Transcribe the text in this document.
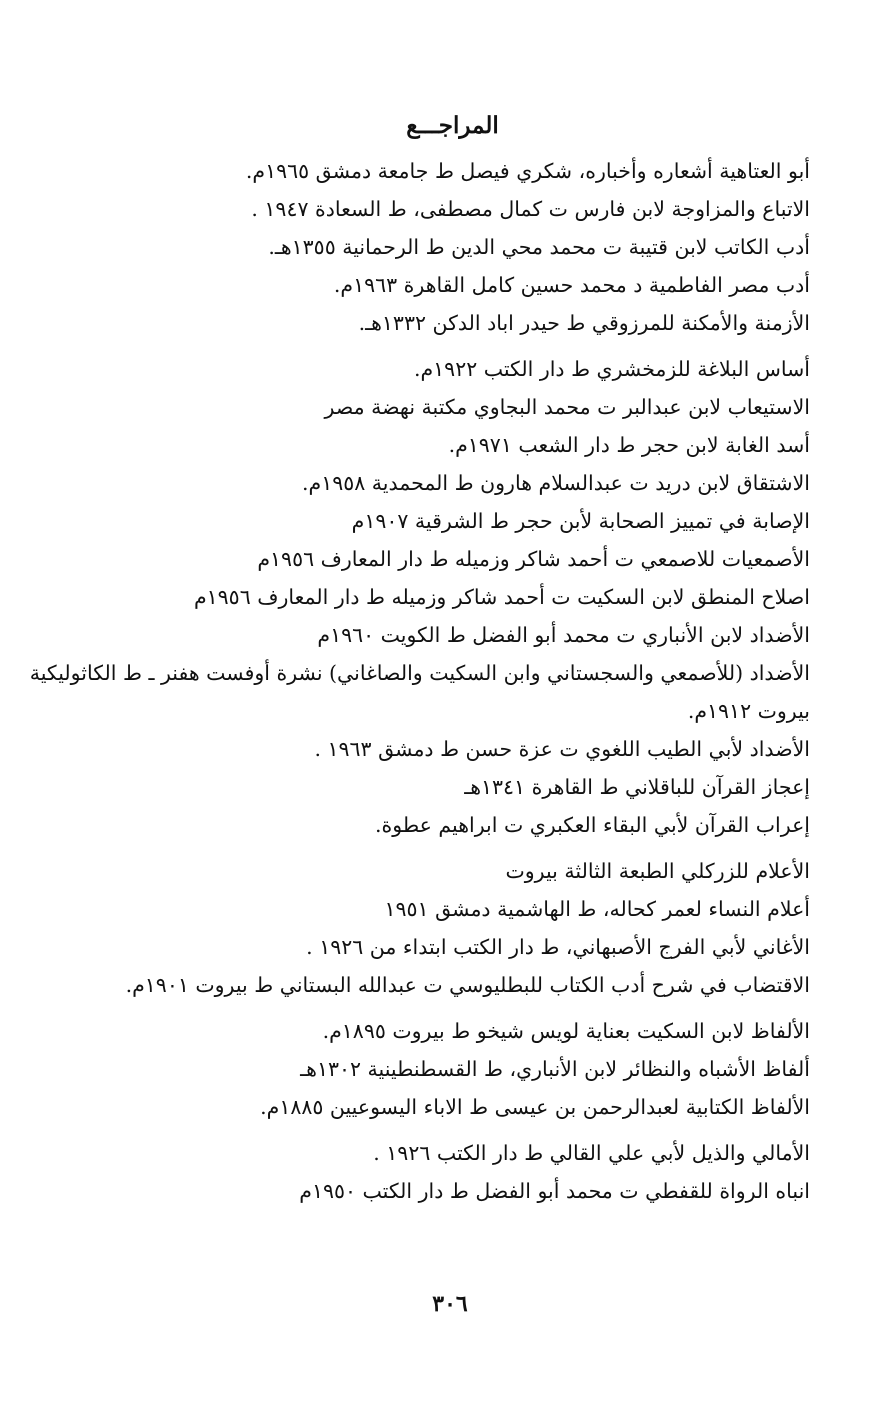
المراجـــع
أبو العتاهية أشعاره وأخباره، شكري فيصل ط جامعة دمشق ١٩٦٥م.
الاتباع والمزاوجة لابن فارس ت كمال مصطفى، ط السعادة ١٩٤٧ .
أدب الكاتب لابن قتيبة ت محمد محي الدين ط الرحمانية ١٣٥٥هـ.
أدب مصر الفاطمية د محمد حسين كامل القاهرة ١٩٦٣م.
الأزمنة والأمكنة للمرزوقي ط حيدر اباد الدكن ١٣٣٢هـ.
أساس البلاغة للزمخشري ط دار الكتب ١٩٢٢م.
الاستيعاب لابن عبدالبر ت محمد البجاوي مكتبة نهضة مصر
أسد الغابة لابن حجر ط دار الشعب ١٩٧١م.
الاشتقاق لابن دريد ت عبدالسلام هارون ط المحمدية ١٩٥٨م.
الإصابة في تمييز الصحابة لأبن حجر ط الشرقية ١٩٠٧م
الأصمعيات للاصمعي ت أحمد شاكر وزميله ط دار المعارف ١٩٥٦م
اصلاح المنطق لابن السكيت ت أحمد شاكر وزميله ط دار المعارف ١٩٥٦م
الأضداد لابن الأنباري ت محمد أبو الفضل ط الكويت ١٩٦٠م
الأضداد (للأصمعي والسجستاني وابن السكيت والصاغاني) نشرة أوفست هفنر ـ ط الكاثوليكية بيروت ١٩١٢م.
الأضداد لأبي الطيب اللغوي ت عزة حسن ط دمشق ١٩٦٣ .
إعجاز القرآن للباقلاني ط القاهرة ١٣٤١هـ
إعراب القرآن لأبي البقاء العكبري ت ابراهيم عطوة.
الأعلام للزركلي الطبعة الثالثة بيروت
أعلام النساء لعمر كحاله، ط الهاشمية دمشق ١٩٥١
الأغاني لأبي الفرج الأصبهاني، ط دار الكتب ابتداء من ١٩٢٦ .
الاقتضاب في شرح أدب الكتاب للبطليوسي ت عبدالله البستاني ط بيروت ١٩٠١م.
الألفاظ لابن السكيت بعناية لويس شيخو ط بيروت ١٨٩٥م.
ألفاظ الأشباه والنظائر لابن الأنباري، ط القسطنطينية ١٣٠٢هـ
الألفاظ الكتابية لعبدالرحمن بن عيسى ط الاباء اليسوعيين ١٨٨٥م.
الأمالي والذيل لأبي علي القالي ط دار الكتب ١٩٢٦ .
انباه الرواة للقفطي ت محمد أبو الفضل ط دار الكتب ١٩٥٠م
٣٠٦
